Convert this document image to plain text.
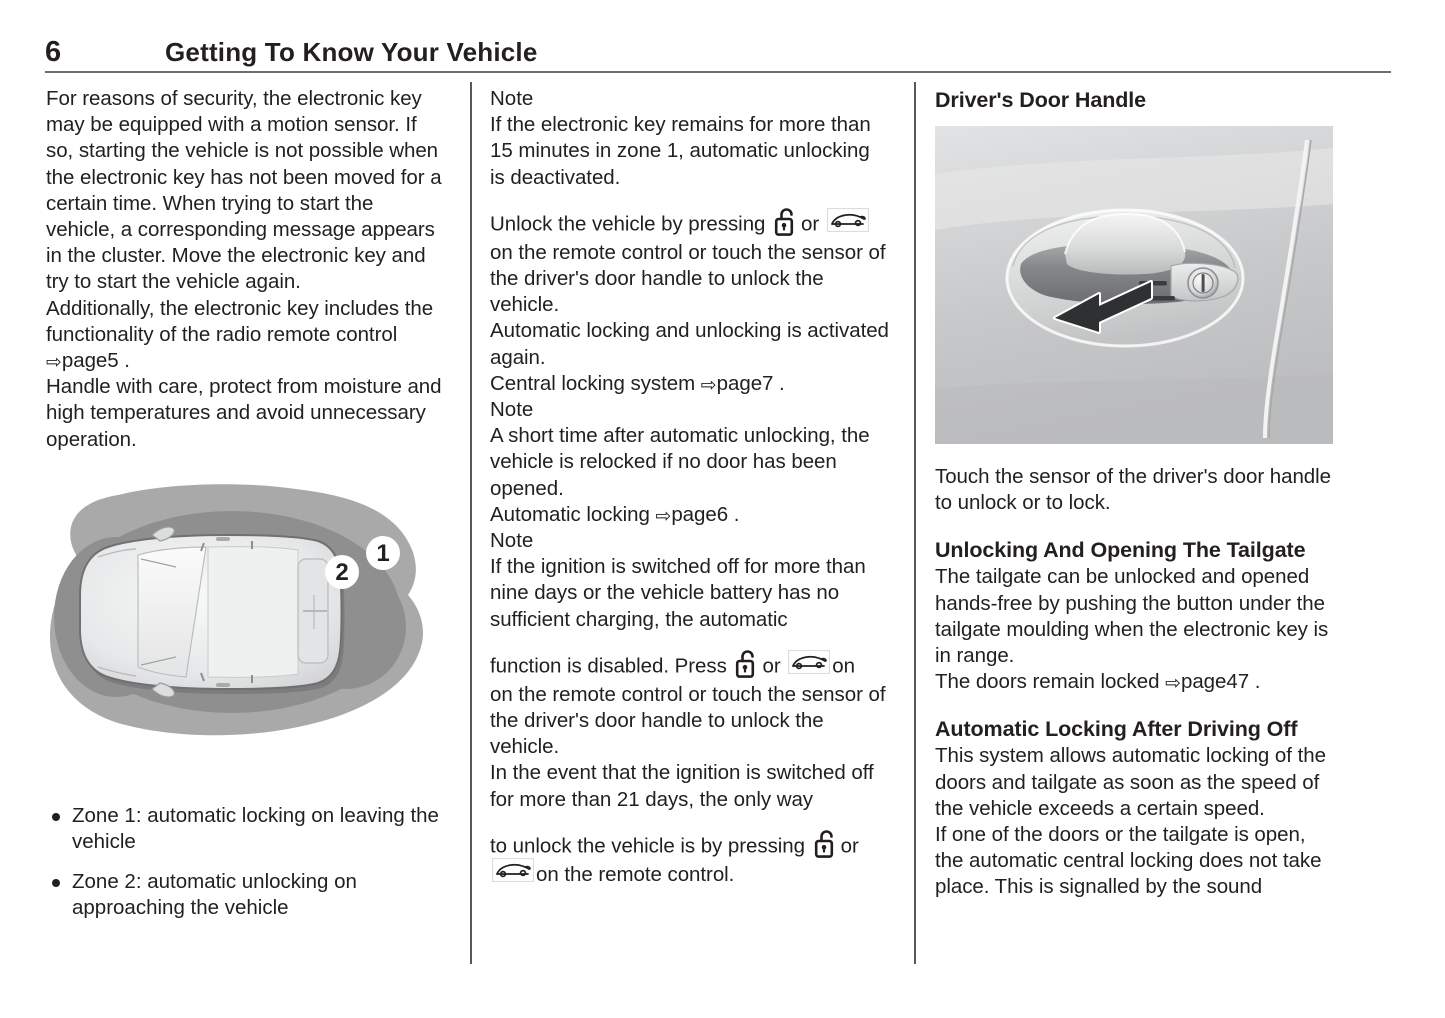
6	Getting To Know Your Vehicle

For reasons of security, the electronic key may be equipped with a motion sensor. If so, starting the vehicle is not possible when the electronic key has not been moved for a certain time. When trying to start the vehicle, a corresponding message appears in the cluster. Move the electronic key and try to start the vehicle again.

Additionally, the electronic key includes the functionality of the radio remote control ⇨page5 .

Handle with care, protect from moisture and high temperatures and avoid unnecessary operation.

1
2
Zone 1: automatic locking on leaving the vehicle
Zone 2: automatic unlocking on approaching the vehicle

Note

If the electronic key remains for more than 15 minutes in zone 1, automatic unlocking is deactivated.

Unlock the vehicle by pressing or
on the remote control or touch the sensor of the driver's door handle to unlock the vehicle.

Automatic locking and unlocking is activated again.

Central locking system ⇨page7 .

Note

A short time after automatic unlocking, the vehicle is relocked if no door has been opened.

Automatic locking ⇨page6 .

Note

If the ignition is switched off for more than nine days or the vehicle battery has no sufficient charging, the automatic

function is disabled. Press or	on
on the remote control or touch the sensor of the driver's door handle to unlock the vehicle.

In the event that the ignition is switched off for more than 21 days, the only way

to unlock the vehicle is by pressing or
on the remote control.

Driver's Door Handle

Touch the sensor of the driver's door handle to unlock or to lock.

Unlocking And Opening The Tailgate

The tailgate can be unlocked and opened hands-free by pushing the button under the tailgate moulding when the electronic key is in range.

The doors remain locked ⇨page47 .

Automatic Locking After Driving Off

This system allows automatic locking of the doors and tailgate as soon as the speed of the vehicle exceeds a certain speed.

If one of the doors or the tailgate is open, the automatic central locking does not take place. This is signalled by the sound
